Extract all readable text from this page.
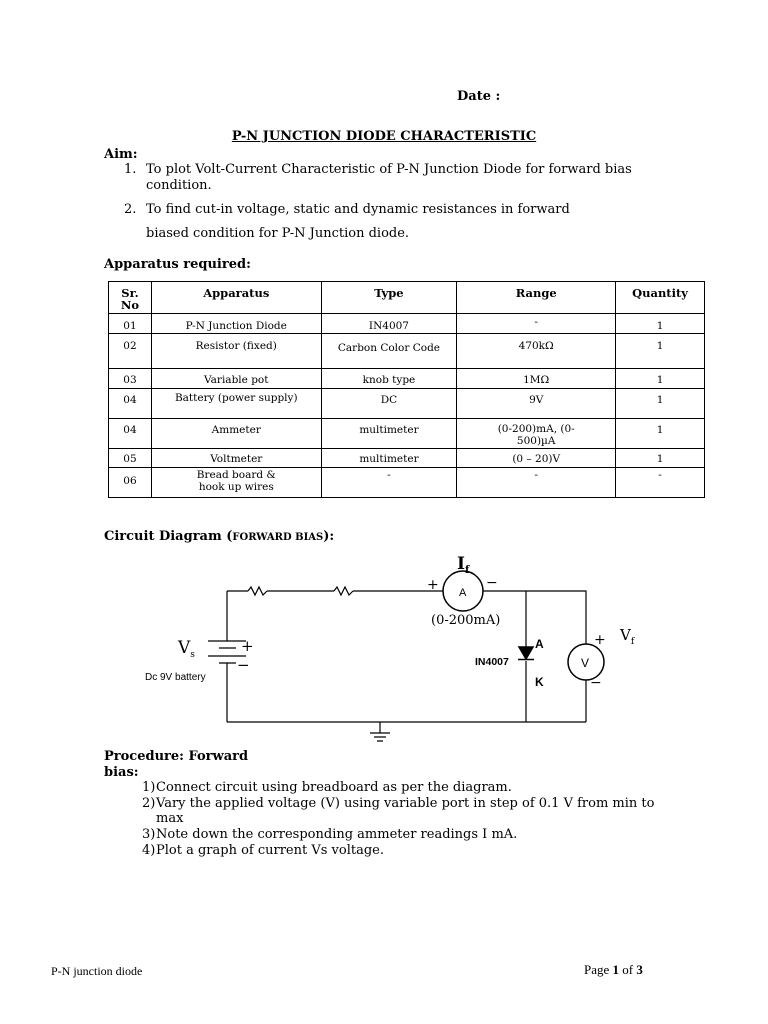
Date :
P-N JUNCTION DIODE CHARACTERISTIC
Aim:
1. To plot Volt-Current Characteristic of P-N Junction Diode for forward bias
condition.
2. To find cut-in voltage, static and dynamic resistances in forward
biased condition for P-N Junction diode.
Apparatus required:
Sr. No	Apparatus	Type	Range	Quantity
01	P-N Junction Diode	IN4007	-	1
02	Resistor (fixed)	Carbon Color Code	470kΩ	1
03	Variable pot	knob type	1MΩ	1
04	Battery (power supply)	DC	9V	1
04	Ammeter	multimeter	(0-200)mA, (0-500)µA	1
05	Voltmeter	multimeter	(0 – 20)V	1
06	Bread board & hook up wires	-	-	-
Circuit Diagram (FORWARD BIAS):
$I_f$
+	−
A
(0-200mA)
$V_s$	+
−
Dc 9V battery
IN4007
A
K
+
−
V
$V_f$
Procedure: Forward
bias:
1)Connect circuit using breadboard as per the diagram.
2)Vary the applied voltage (V) using variable port in step of 0.1 V from min to
max
3)Note down the corresponding ammeter readings I mA.
4)Plot a graph of current Vs voltage.
P-N junction diode	Page 1 of 3
